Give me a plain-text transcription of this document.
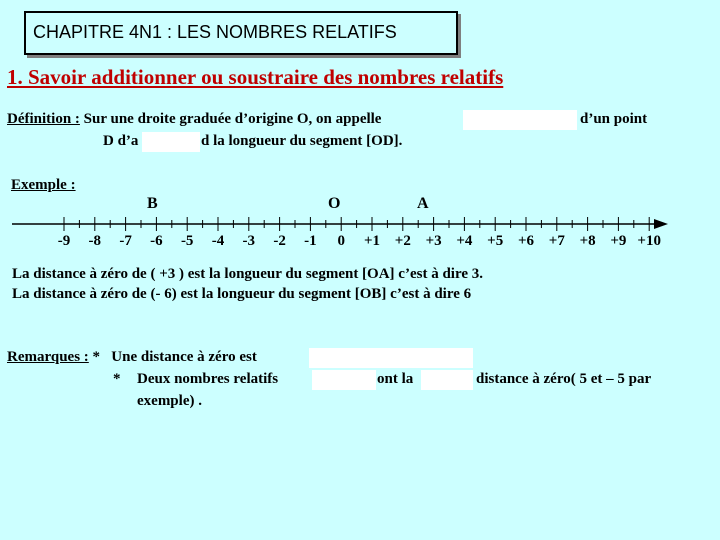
CHAPITRE 4N1 : LES NOMBRES RELATIFS
1. Savoir additionner ou soustraire des nombres relatifs
Définition : Sur une droite graduée d’origine O, on appelle	d’un point
D d’a	d la longueur du segment [OD].
Exemple :
B	O	A
-9	-8	-7	-6	-5	-4	-3	-2	-1	0	+1 +2 +3 +4 +5 +6 +7 +8 +9 +10
La distance à zéro de ( +3 ) est la longueur du segment [OA] c’est à dire 3.
La distance à zéro de (- 6) est la longueur du segment [OB] c’est à dire 6
Remarques : * Une distance à zéro est
* Deux nombres relatifs	ont la	distance à zéro( 5 et – 5 par
exemple) .
